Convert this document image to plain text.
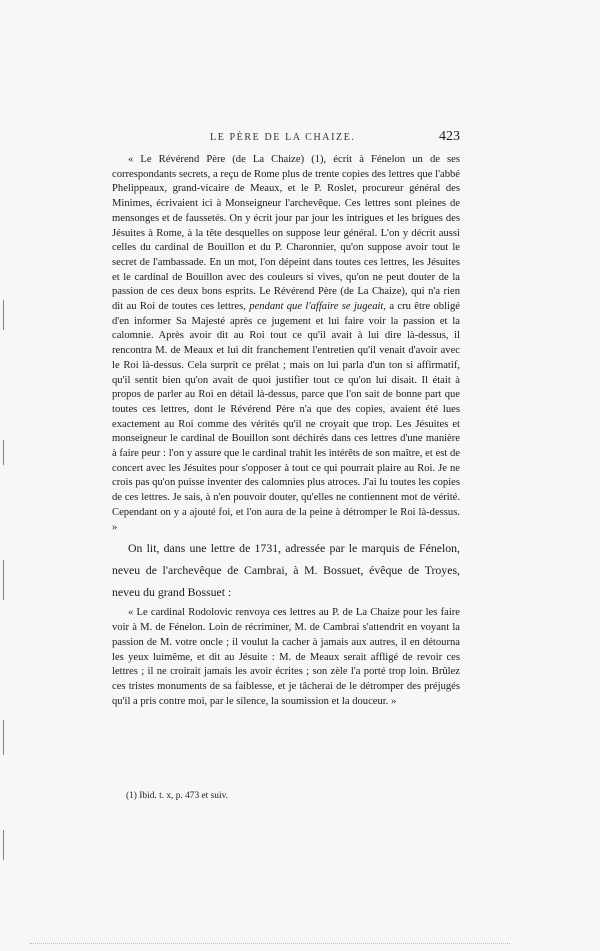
LE PÈRE DE LA CHAIZE.	423

« Le Révérend Père (de La Chaize) (1), écrit à Fénelon un de ses correspondants secrets, a reçu de Rome plus de trente copies des lettres que l'abbé Phelippeaux, grand-vicaire de Meaux, et le P. Roslet, procureur général des Minimes, écrivaient ici à Monseigneur l'archevêque. Ces lettres sont pleines de mensonges et de faussetés. On y écrit jour par jour les intrigues et les brigues des Jésuites à Rome, à la tête desquelles on suppose leur général. L'on y décrit aussi celles du cardinal de Bouillon et du P. Charonnier, qu'on suppose avoir tout le secret de l'ambassade. En un mot, l'on dépeint dans toutes ces lettres, les Jésuites et le cardinal de Bouillon avec des couleurs si vives, qu'on ne peut douter de la passion de ces deux bons esprits. Le Révérend Père (de La Chaize), qui n'a rien dit au Roi de toutes ces lettres, pendant que l'affaire se jugeait, a cru être obligé d'en informer Sa Majesté après ce jugement et lui faire voir la passion et la calomnie. Après avoir dit au Roi tout ce qu'il avait à lui dire là-dessus, il rencontra M. de Meaux et lui dit franchement l'entretien qu'il venait d'avoir avec le Roi là-dessus. Cela surprit ce prélat ; mais on lui parla d'un ton si affirmatif, qu'il sentit bien qu'on avait de quoi justifier tout ce qu'on lui disait. Il était à propos de parler au Roi en détail là-dessus, parce que l'on sait de bonne part que toutes ces lettres, dont le Révérend Père n'a que des copies, avaient été lues exactement au Roi comme des vérités qu'il ne croyait que trop. Les Jésuites et monseigneur le cardinal de Bouillon sont déchirés dans ces lettres d'une manière à faire peur : l'on y assure que le cardinal trahit les intérêts de son maître, et est de concert avec les Jésuites pour s'opposer à tout ce qui pourrait plaire au Roi. Je ne crois pas qu'on puisse inventer des calomnies plus atroces. J'ai lu toutes les copies de ces lettres. Je sais, à n'en pouvoir douter, qu'elles ne contiennent mot de vérité. Cependant on y a ajouté foi, et l'on aura de la peine à détromper le Roi là-dessus. »

On lit, dans une lettre de 1731, adressée par le marquis de Fénelon, neveu de l'archevêque de Cambrai, à M. Bossuet, évêque de Troyes, neveu du grand Bossuet :

« Le cardinal Rodolovic renvoya ces lettres au P. de La Chaize pour les faire voir à M. de Fénelon. Loin de récriminer, M. de Cambrai s'attendrit en voyant la passion de M. votre oncle ; il voulut la cacher à jamais aux autres, il en détourna les yeux luimême, et dit au Jésuite : M. de Meaux serait affligé de revoir ces lettres ; il ne croirait jamais les avoir écrites ; son zèle l'a porté trop loin. Brûlez ces tristes monuments de sa faiblesse, et je tâcherai de le détromper des préjugés qu'il a pris contre moi, par le silence, la soumission et la douceur. »

(1) Ibid. t. x, p. 473 et suiv.
